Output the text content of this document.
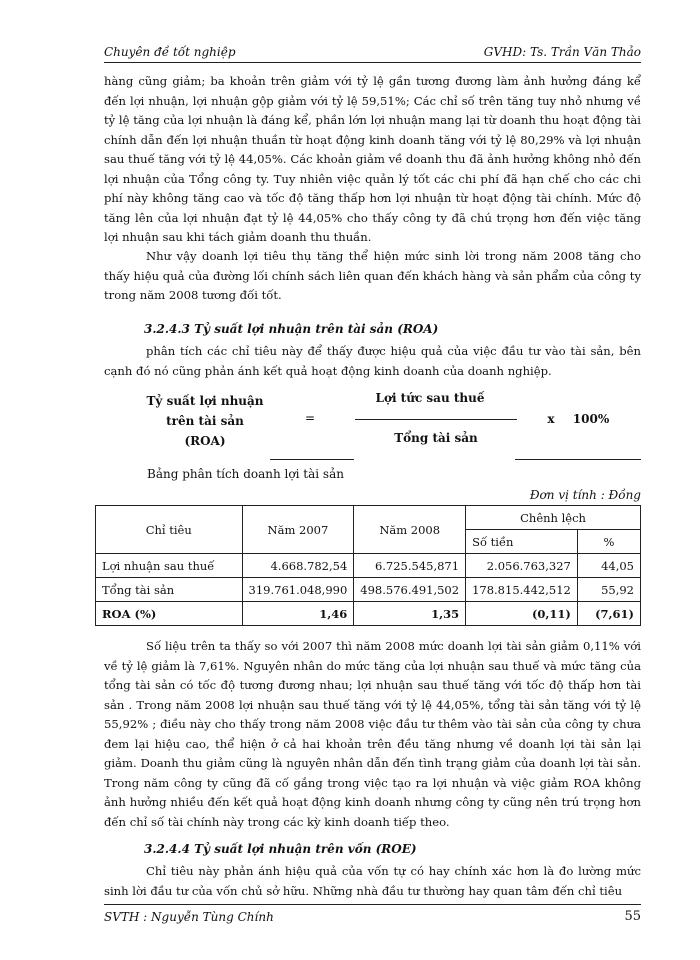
Chuyên đề tốt nghiệp	GVHD: Ts. Trần Văn Thảo
hàng cũng giảm; ba khoản trên giảm với tỷ lệ gần tương đương làm ảnh hưởng đáng kể đến lợi nhuận, lợi nhuận gộp giảm với tỷ lệ 59,51%; Các chỉ số trên tăng tuy nhỏ nhưng về tỷ lệ tăng của lợi nhuận là đáng kể, phần lớn lợi nhuận mang lại từ doanh thu hoạt động tài chính dẫn đến lợi nhuận thuần từ hoạt động kinh doanh tăng với tỷ lệ 80,29% và lợi nhuận sau thuế tăng với tỷ lệ 44,05%. Các khoản giảm về doanh thu đã ảnh hưởng không nhỏ đến lợi nhuận của Tổng công ty. Tuy nhiên việc quản lý tốt các chi phí đã hạn chế cho các chi phí này không tăng cao và tốc độ tăng thấp hơn lợi nhuận từ hoạt động tài chính. Mức độ tăng lên của lợi nhuận đạt tỷ lệ 44,05% cho thấy công ty đã chú trọng hơn đến việc tăng lợi nhuận sau khi tách giảm doanh thu thuần.
Như vậy doanh lợi tiêu thụ tăng thể hiện mức sinh lời trong năm 2008 tăng cho thấy hiệu quả của đường lối chính sách liên quan đến khách hàng và sản phẩm của công ty trong năm 2008 tương đối tốt.
3.2.4.3 Tỷ suất lợi nhuận trên tài sản (ROA)
phân tích các chỉ tiêu này để thấy được hiệu quả của việc đầu tư vào tài sản, bên cạnh đó nó cũng phản ánh kết quả hoạt động kinh doanh của doanh nghiệp.
Tỷ suất lợi nhuận
trên tài sản
(ROA)
=
Lợi tức sau thuế
Tổng tài sản
x	100%
Bảng phân tích doanh lợi tài sản
Đơn vị tính : Đồng
Chỉ tiêu	Năm 2007	Năm 2008	Chênh lệch	
			Số tiền	%
Lợi nhuận sau thuế	4.668.782,54	6.725.545,871	2.056.763,327	44,05
Tổng tài sản	319.761.048,990	498.576.491,502	178.815.442,512	55,92
ROA (%)	1,46	1,35	(0,11)	(7,61)
Số liệu trên ta thấy so với 2007 thì năm 2008 mức doanh lợi tài sản giảm 0,11% với về tỷ lệ giảm là 7,61%. Nguyên nhân do mức tăng của lợi nhuận sau thuế và mức tăng của tổng tài sản có tốc độ tương đương nhau; lợi nhuận sau thuế tăng với tốc độ thấp hơn tài sản . Trong năm 2008 lợi nhuận sau thuế tăng với tỷ lệ 44,05%, tổng tài sản tăng với tỷ lệ 55,92% ; điều này cho thấy trong năm 2008 việc đầu tư thêm vào tài sản của công ty chưa đem lại hiệu cao, thể hiện ở cả hai khoản trên đều tăng nhưng về doanh lợi tài sản lại giảm. Doanh thu giảm cũng là nguyên nhân dẫn đến tình trạng giảm của doanh lợi tài sản. Trong năm công ty cũng đã cố gắng trong việc tạo ra lợi nhuận và việc giảm ROA không ảnh hưởng nhiều đến kết quả hoạt động kinh doanh nhưng công ty cũng nên trú trọng hơn đến chỉ số tài chính này trong các kỳ kinh doanh tiếp theo.
3.2.4.4 Tỷ suất lợi nhuận trên vốn (ROE)
Chỉ tiêu này phản ánh hiệu quả của vốn tự có hay chính xác hơn là đo lường mức sinh lời đầu tư của vốn chủ sở hữu. Những nhà đầu tư thường hay quan tâm đến chỉ tiêu
SVTH : Nguyễn Tùng Chính	55
